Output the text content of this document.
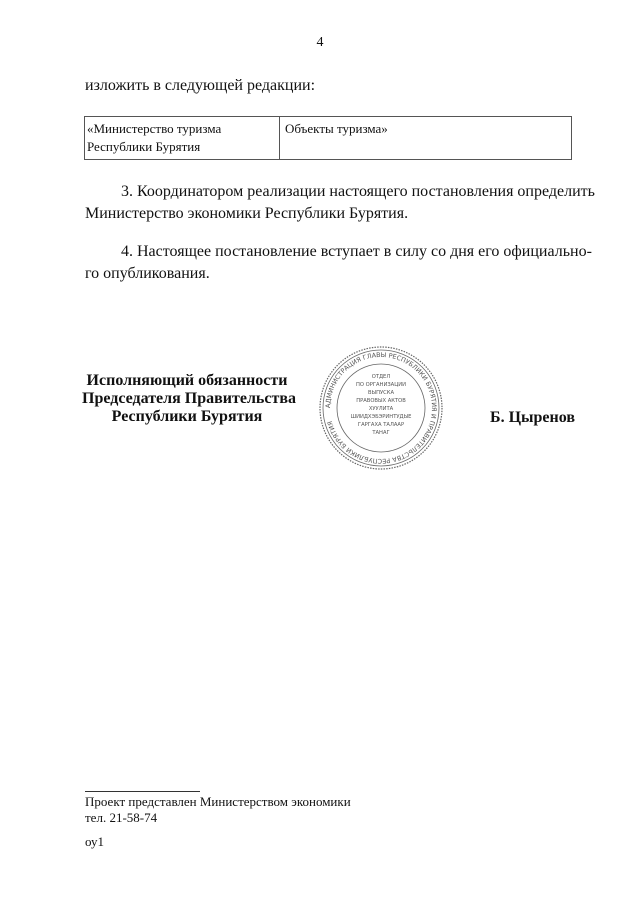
4
изложить в следующей редакции:
«Министерство туризма
Республики Бурятия
Объекты туризма»
3. Координатором реализации настоящего постановления определить
Министерство экономики Республики Бурятия.
4. Настоящее постановление вступает в силу со дня его официально-
го опубликования.
Исполняющий обязанности
Председателя Правительства
Республики Бурятия
АДМИНИСТРАЦИЯ ГЛАВЫ РЕСПУБЛИКИ БУРЯТИЯ И ПРАВИТЕЛЬСТВА РЕСПУБЛИКИ БУРЯТИЯ
ОТДЕЛ
ПО ОРГАНИЗАЦИИ
ВЫПУСКА
ПРАВОВЫХ АКТОВ
ХУУЛИТА
ШИИДХЭБЭРИНТУДЫЕ
ГАРГАХА ТАЛААР
ТАНАГ
Б. Цыренов
Проект представлен Министерством экономики
тел. 21-58-74
оу1
